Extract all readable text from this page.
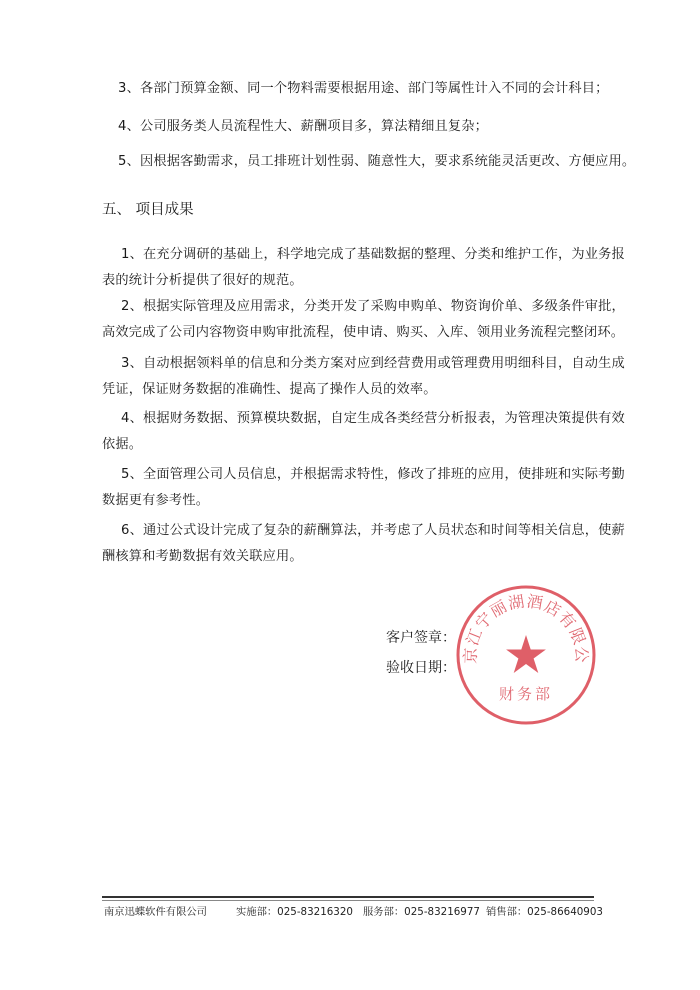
3、各部门预算金额、同一个物料需要根据用途、部门等属性计入不同的会计科目；

4、公司服务类人员流程性大、薪酬项目多，算法精细且复杂；

5、因根据客勤需求，员工排班计划性弱、随意性大，要求系统能灵活更改、方便应用。

五、 项目成果

1、在充分调研的基础上，科学地完成了基础数据的整理、分类和维护工作，为业务报

表的统计分析提供了很好的规范。

2、根据实际管理及应用需求，分类开发了采购申购单、物资询价单、多级条件审批，

高效完成了公司内容物资申购审批流程，使申请、购买、入库、领用业务流程完整闭环。

3、自动根据领料单的信息和分类方案对应到经营费用或管理费用明细科目，自动生成

凭证，保证财务数据的准确性、提高了操作人员的效率。

4、根据财务数据、预算模块数据，自定生成各类经营分析报表，为管理决策提供有效

依据。

5、全面管理公司人员信息，并根据需求特性，修改了排班的应用，使排班和实际考勤

数据更有参考性。

6、通过公式设计完成了复杂的薪酬算法，并考虑了人员状态和时间等相关信息，使薪

酬核算和考勤数据有效关联应用。

客户签章：

验收日期：

京江宁丽湖酒店有限公
财务部
南京迅蝶软件有限公司	实施部：025-83216320 服务部：025-83216977 销售部：025-86640903
